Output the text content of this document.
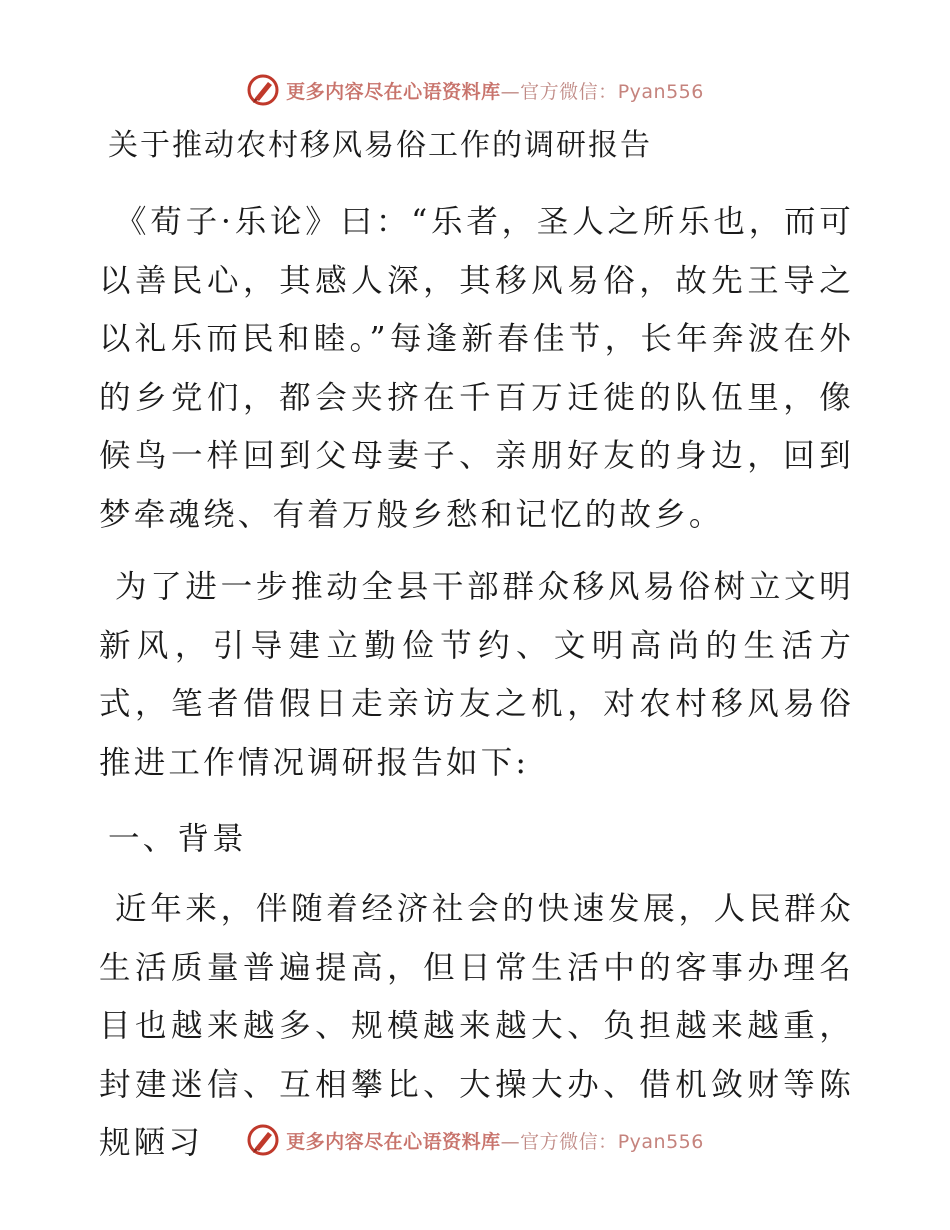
更多内容尽在心语资料库—官方微信：Pyan556
关于推动农村移风易俗工作的调研报告

《荀子·乐论》曰：“乐者，圣人之所乐也，而可以善民心，其感人深，其移风易俗，故先王导之以礼乐而民和睦。”每逢新春佳节，长年奔波在外的乡党们，都会夹挤在千百万迁徙的队伍里，像候鸟一样回到父母妻子、亲朋好友的身边，回到梦牵魂绕、有着万般乡愁和记忆的故乡。

为了进一步推动全县干部群众移风易俗树立文明新风，引导建立勤俭节约、文明高尚的生活方式，笔者借假日走亲访友之机，对农村移风易俗推进工作情况调研报告如下:

一、背景

近年来，伴随着经济社会的快速发展，人民群众生活质量普遍提高，但日常生活中的客事办理名目也越来越多、规模越来越大、负担越来越重，封建迷信、互相攀比、大操大办、借机敛财等陈规陋习	更多内容尽在心语资料库—官方微信：Pyan556
